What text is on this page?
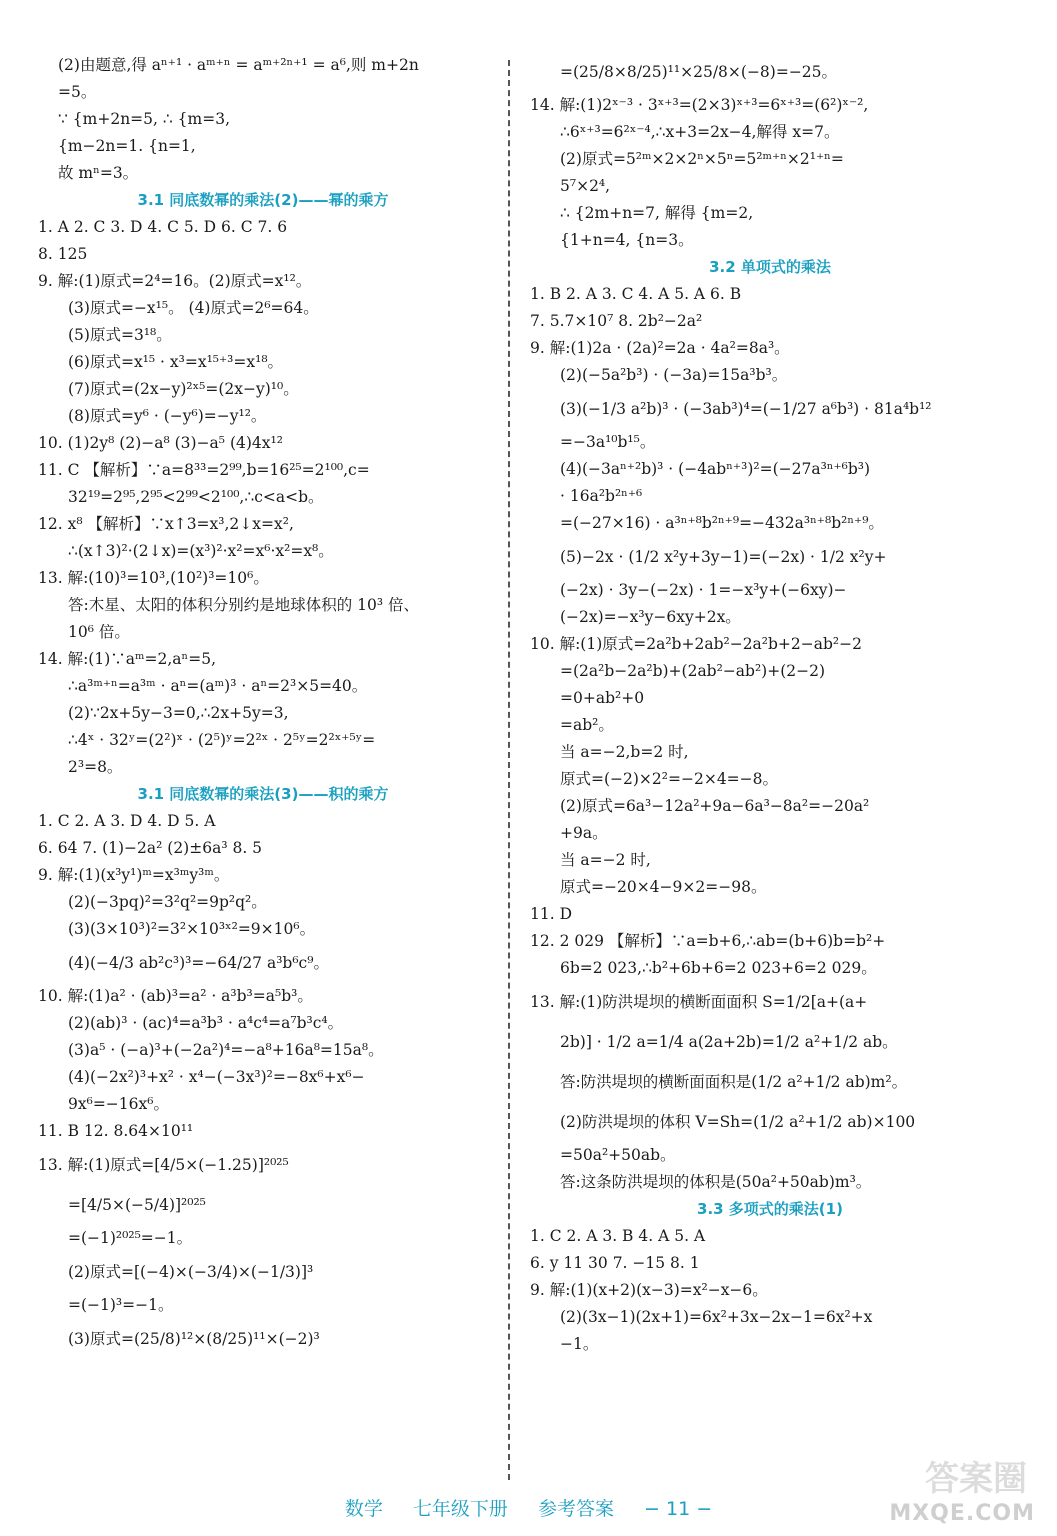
(2)由题意,得 aⁿ⁺¹ · aᵐ⁺ⁿ = aᵐ⁺²ⁿ⁺¹ = a⁶,则 m+2n
=5。
∵ {m+2n=5, ∴ {m=3,
{m−2n=1. {n=1,
故 mⁿ=3。
3.1 同底数幂的乘法(2)——幂的乘方
1. A 2. C 3. D 4. C 5. D 6. C 7. 6
8. 125
9. 解:(1)原式=2⁴=16。(2)原式=x¹²。
(3)原式=−x¹⁵。 (4)原式=2⁶=64。
(5)原式=3¹⁸。
(6)原式=x¹⁵ · x³=x¹⁵⁺³=x¹⁸。
(7)原式=(2x−y)²ˣ⁵=(2x−y)¹⁰。
(8)原式=y⁶ · (−y⁶)=−y¹²。
10. (1)2y⁸ (2)−a⁸ (3)−a⁵ (4)4x¹²
11. C 【解析】∵a=8³³=2⁹⁹,b=16²⁵=2¹⁰⁰,c=
32¹⁹=2⁹⁵,2⁹⁵<2⁹⁹<2¹⁰⁰,∴c<a<b。
12. x⁸ 【解析】∵x↑3=x³,2↓x=x²,
∴(x↑3)²·(2↓x)=(x³)²·x²=x⁶·x²=x⁸。
13. 解:(10)³=10³,(10²)³=10⁶。
答:木星、太阳的体积分别约是地球体积的 10³ 倍、
10⁶ 倍。
14. 解:(1)∵aᵐ=2,aⁿ=5,
∴a³ᵐ⁺ⁿ=a³ᵐ · aⁿ=(aᵐ)³ · aⁿ=2³×5=40。
(2)∵2x+5y−3=0,∴2x+5y=3,
∴4ˣ · 32ʸ=(2²)ˣ · (2⁵)ʸ=2²ˣ · 2⁵ʸ=2²ˣ⁺⁵ʸ=
2³=8。
3.1 同底数幂的乘法(3)——积的乘方
1. C 2. A 3. D 4. D 5. A
6. 64 7. (1)−2a² (2)±6a³ 8. 5
9. 解:(1)(x³y¹)ᵐ=x³ᵐy³ᵐ。
(2)(−3pq)²=3²q²=9p²q²。
(3)(3×10³)²=3²×10³ˣ²=9×10⁶。
(4)(−4/3 ab²c³)³=−64/27 a³b⁶c⁹。
10. 解:(1)a² · (ab)³=a² · a³b³=a⁵b³。
(2)(ab)³ · (ac)⁴=a³b³ · a⁴c⁴=a⁷b³c⁴。
(3)a⁵ · (−a)³+(−2a²)⁴=−a⁸+16a⁸=15a⁸。
(4)(−2x²)³+x² · x⁴−(−3x³)²=−8x⁶+x⁶−
9x⁶=−16x⁶。
11. B 12. 8.64×10¹¹
13. 解:(1)原式=[4/5×(−1.25)]²⁰²⁵
=[4/5×(−5/4)]²⁰²⁵
=(−1)²⁰²⁵=−1。
(2)原式=[(−4)×(−3/4)×(−1/3)]³
=(−1)³=−1。
(3)原式=(25/8)¹²×(8/25)¹¹×(−2)³
=(25/8×8/25)¹¹×25/8×(−8)=−25。
14. 解:(1)2ˣ⁻³ · 3ˣ⁺³=(2×3)ˣ⁺³=6ˣ⁺³=(6²)ˣ⁻²,
∴6ˣ⁺³=6²ˣ⁻⁴,∴x+3=2x−4,解得 x=7。
(2)原式=5²ᵐ×2×2ⁿ×5ⁿ=5²ᵐ⁺ⁿ×2¹⁺ⁿ=
5⁷×2⁴,
∴ {2m+n=7, 解得 {m=2,
{1+n=4, {n=3。
3.2 单项式的乘法
1. B 2. A 3. C 4. A 5. A 6. B
7. 5.7×10⁷ 8. 2b²−2a²
9. 解:(1)2a · (2a)²=2a · 4a²=8a³。
(2)(−5a²b³) · (−3a)=15a³b³。
(3)(−1/3 a²b)³ · (−3ab³)⁴=(−1/27 a⁶b³) · 81a⁴b¹²
=−3a¹⁰b¹⁵。
(4)(−3aⁿ⁺²b)³ · (−4abⁿ⁺³)²=(−27a³ⁿ⁺⁶b³)
· 16a²b²ⁿ⁺⁶
=(−27×16) · a³ⁿ⁺⁸b²ⁿ⁺⁹=−432a³ⁿ⁺⁸b²ⁿ⁺⁹。
(5)−2x · (1/2 x²y+3y−1)=(−2x) · 1/2 x²y+
(−2x) · 3y−(−2x) · 1=−x³y+(−6xy)−
(−2x)=−x³y−6xy+2x。
10. 解:(1)原式=2a²b+2ab²−2a²b+2−ab²−2
=(2a²b−2a²b)+(2ab²−ab²)+(2−2)
=0+ab²+0
=ab²。
当 a=−2,b=2 时,
原式=(−2)×2²=−2×4=−8。
(2)原式=6a³−12a²+9a−6a³−8a²=−20a²
+9a。
当 a=−2 时,
原式=−20×4−9×2=−98。
11. D
12. 2 029 【解析】∵a=b+6,∴ab=(b+6)b=b²+
6b=2 023,∴b²+6b+6=2 023+6=2 029。
13. 解:(1)防洪堤坝的横断面面积 S=1/2[a+(a+
2b)] · 1/2 a=1/4 a(2a+2b)=1/2 a²+1/2 ab。
答:防洪堤坝的横断面面积是(1/2 a²+1/2 ab)m²。
(2)防洪堤坝的体积 V=Sh=(1/2 a²+1/2 ab)×100
=50a²+50ab。
答:这条防洪堤坝的体积是(50a²+50ab)m³。
3.3 多项式的乘法(1)
1. C 2. A 3. B 4. A 5. A
6. y 11 30 7. −15 8. 1
9. 解:(1)(x+2)(x−3)=x²−x−6。
(2)(3x−1)(2x+1)=6x²+3x−2x−1=6x²+x
−1。
数学 七年级下册 参考答案 − 11 −
答案圈
MXQE.COM
